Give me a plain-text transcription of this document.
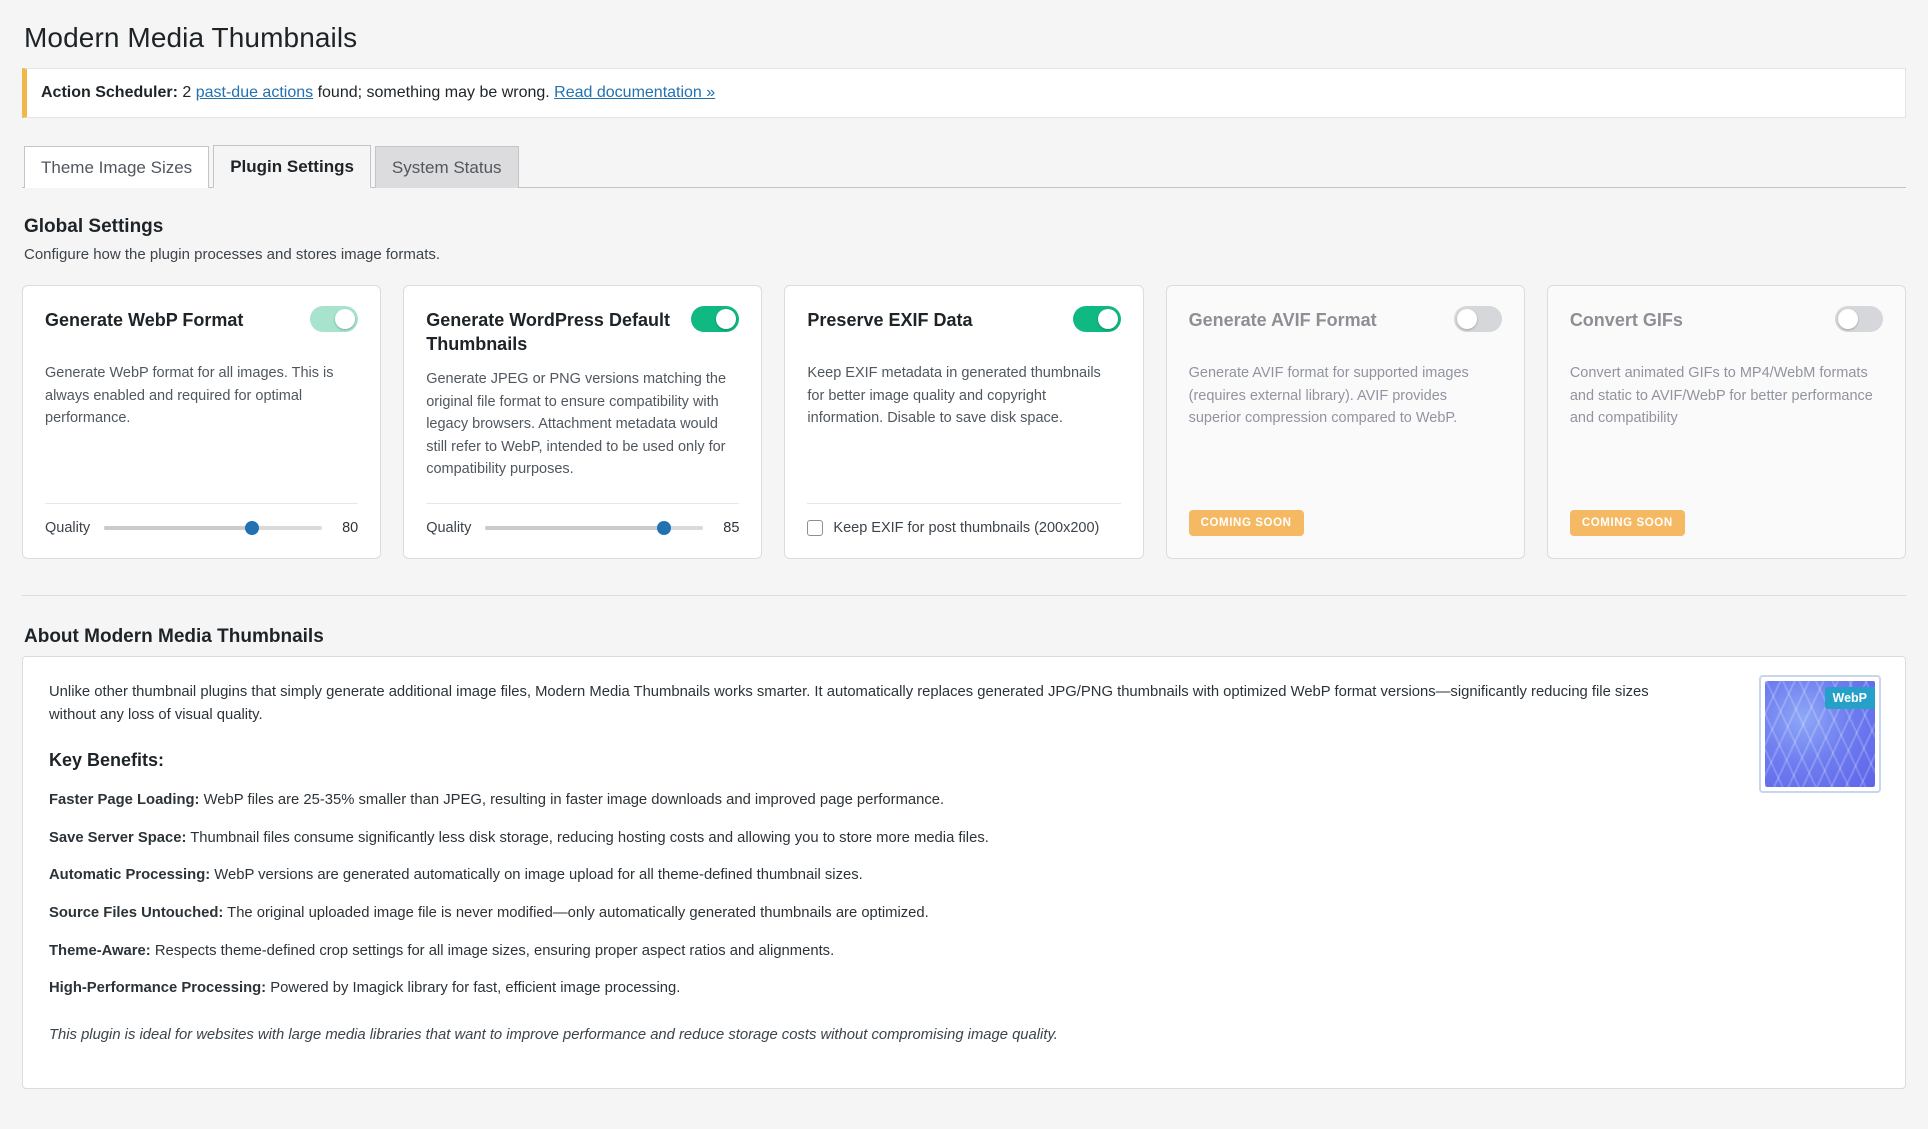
Modern Media Thumbnails
Action Scheduler: 2 past-due actions found; something may be wrong. Read documentation »
Theme Image Sizes	Plugin Settings	System Status
Global Settings

Configure how the plugin processes and stores image formats.

Generate WebP Format
Generate WebP format for all images. This is always enabled and required for optimal performance.
Quality	80
Generate WordPress Default Thumbnails
Generate JPEG or PNG versions matching the original file format to ensure compatibility with legacy browsers. Attachment metadata would still refer to WebP, intended to be used only for compatibility purposes.
Quality	85
Preserve EXIF Data
Keep EXIF metadata in generated thumbnails for better image quality and copyright information. Disable to save disk space.
Keep EXIF for post thumbnails (200x200)
Generate AVIF Format
Generate AVIF format for supported images (requires external library). AVIF provides superior compression compared to WebP.
COMING SOON
Convert GIFs
Convert animated GIFs to MP4/WebM formats and static to AVIF/WebP for better performance and compatibility
COMING SOON
About Modern Media Thumbnails
WebP

Unlike other thumbnail plugins that simply generate additional image files, Modern Media Thumbnails works smarter. It automatically replaces generated JPG/PNG thumbnails with optimized WebP format versions—significantly reducing file sizes without any loss of visual quality.

Key Benefits:
Faster Page Loading: WebP files are 25-35% smaller than JPEG, resulting in faster image downloads and improved page performance.
Save Server Space: Thumbnail files consume significantly less disk storage, reducing hosting costs and allowing you to store more media files.
Automatic Processing: WebP versions are generated automatically on image upload for all theme-defined thumbnail sizes.
Source Files Untouched: The original uploaded image file is never modified—only automatically generated thumbnails are optimized.
Theme-Aware: Respects theme-defined crop settings for all image sizes, ensuring proper aspect ratios and alignments.
High-Performance Processing: Powered by Imagick library for fast, efficient image processing.

This plugin is ideal for websites with large media libraries that want to improve performance and reduce storage costs without compromising image quality.
